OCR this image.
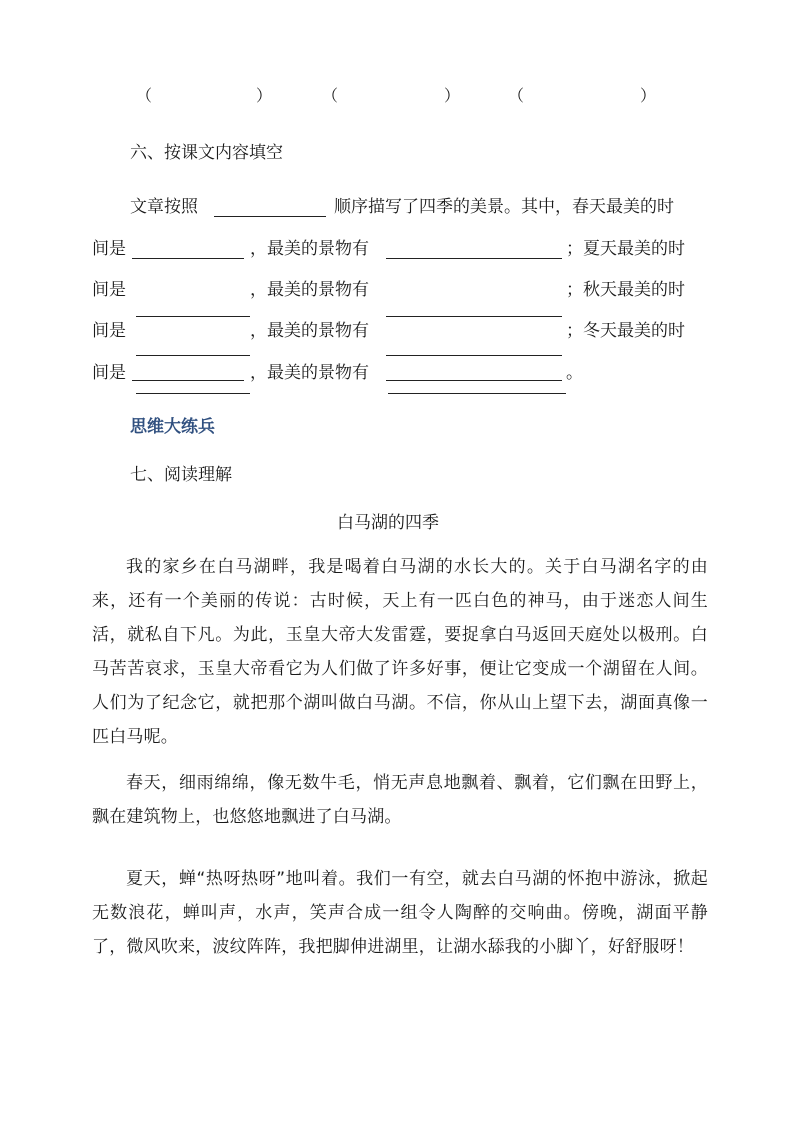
（	）	（	）	（	）
六、按课文内容填空
文章按照	顺序描写了四季的美景。其中，春天最美的时
间是	，最美的景物有	；夏天最美的时
间是	，最美的景物有	；秋天最美的时
间是	，最美的景物有	；冬天最美的时
间是	，最美的景物有	。
思维大练兵
七、阅读理解
白马湖的四季

我的家乡在白马湖畔，我是喝着白马湖的水长大的。关于白马湖名字的由来，还有一个美丽的传说：古时候，天上有一匹白色的神马，由于迷恋人间生活，就私自下凡。为此，玉皇大帝大发雷霆，要捉拿白马返回天庭处以极刑。白马苦苦哀求，玉皇大帝看它为人们做了许多好事，便让它变成一个湖留在人间。人们为了纪念它，就把那个湖叫做白马湖。不信，你从山上望下去，湖面真像一匹白马呢。

春天，细雨绵绵，像无数牛毛，悄无声息地飘着、飘着，它们飘在田野上，飘在建筑物上，也悠悠地飘进了白马湖。

夏天，蝉“热呀热呀”地叫着。我们一有空，就去白马湖的怀抱中游泳，掀起无数浪花，蝉叫声，水声，笑声合成一组令人陶醉的交响曲。傍晚，湖面平静了，微风吹来，波纹阵阵，我把脚伸进湖里，让湖水舔我的小脚丫，好舒服呀！
